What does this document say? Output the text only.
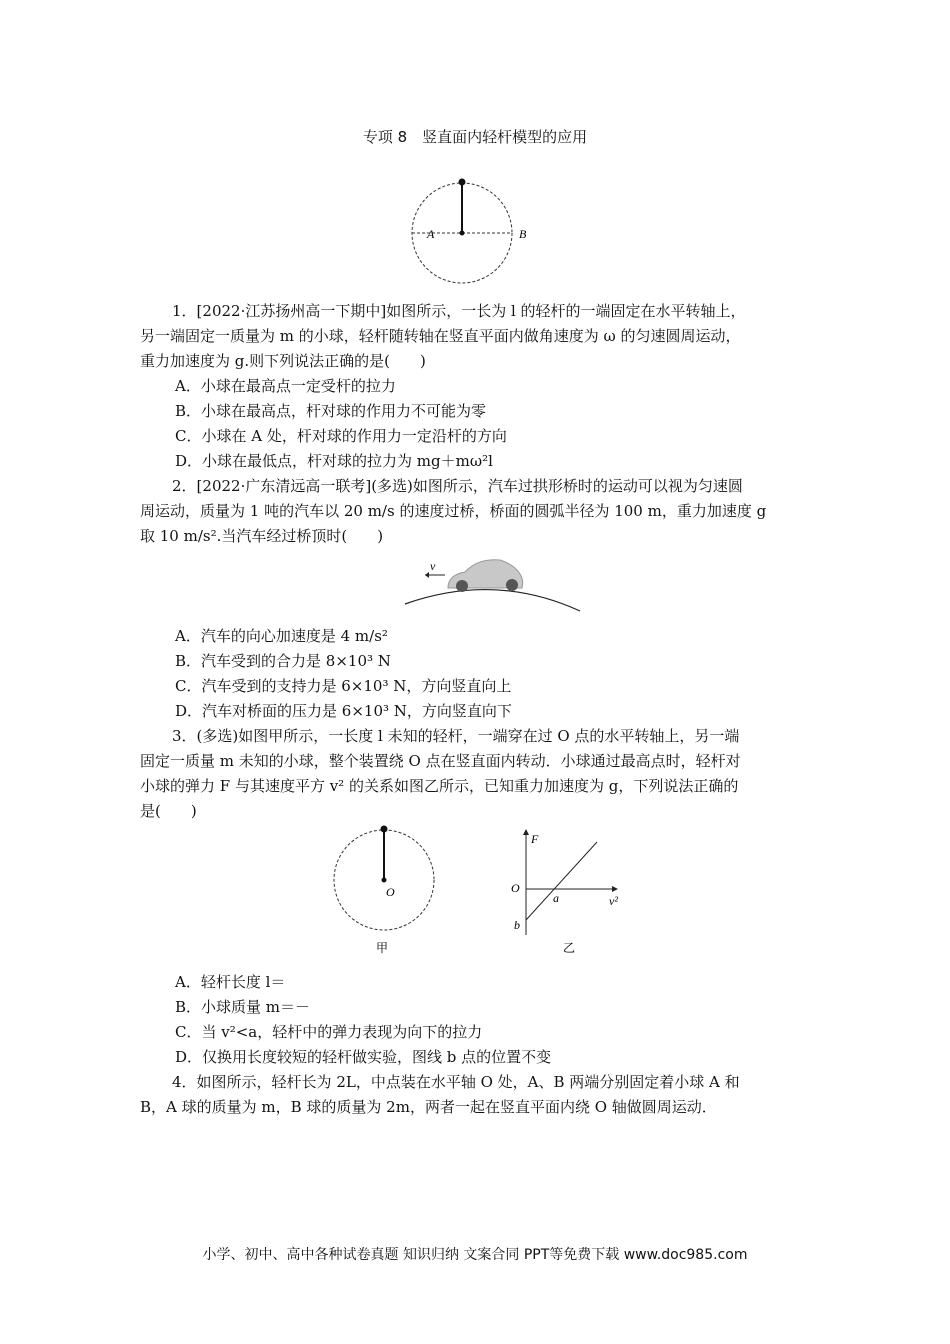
专项 8　竖直面内轻杆模型的应用
A	B
1．[2022·江苏扬州高一下期中]如图所示，一长为 l 的轻杆的一端固定在水平转轴上，
另一端固定一质量为 m 的小球，轻杆随转轴在竖直平面内做角速度为 ω 的匀速圆周运动，
重力加速度为 g.则下列说法正确的是(　　)
A．小球在最高点一定受杆的拉力
B．小球在最高点，杆对球的作用力不可能为零
C．小球在 A 处，杆对球的作用力一定沿杆的方向
D．小球在最低点，杆对球的拉力为 mg＋mω²l
2．[2022·广东清远高一联考](多选)如图所示，汽车过拱形桥时的运动可以视为匀速圆
周运动，质量为 1 吨的汽车以 20 m/s 的速度过桥，桥面的圆弧半径为 100 m，重力加速度 g
取 10 m/s².当汽车经过桥顶时(　　)
v
A．汽车的向心加速度是 4 m/s²
B．汽车受到的合力是 8×10³ N
C．汽车受到的支持力是 6×10³ N，方向竖直向上
D．汽车对桥面的压力是 6×10³ N，方向竖直向下
3．(多选)如图甲所示，一长度 l 未知的轻杆，一端穿在过 O 点的水平转轴上，另一端
固定一质量 m 未知的小球，整个装置绕 O 点在竖直面内转动．小球通过最高点时，轻杆对
小球的弹力 F 与其速度平方 v² 的关系如图乙所示，已知重力加速度为 g，下列说法正确的
是(　　)
O
甲
F
O
a	v²
b
乙
A．轻杆长度 l＝
B．小球质量 m＝－
C．当 v²<a，轻杆中的弹力表现为向下的拉力
D．仅换用长度较短的轻杆做实验，图线 b 点的位置不变
4．如图所示，轻杆长为 2L，中点装在水平轴 O 处，A、B 两端分别固定着小球 A 和
B，A 球的质量为 m，B 球的质量为 2m，两者一起在竖直平面内绕 O 轴做圆周运动．
小学、初中、高中各种试卷真题 知识归纳 文案合同 PPT等免费下载 www.doc985.com
